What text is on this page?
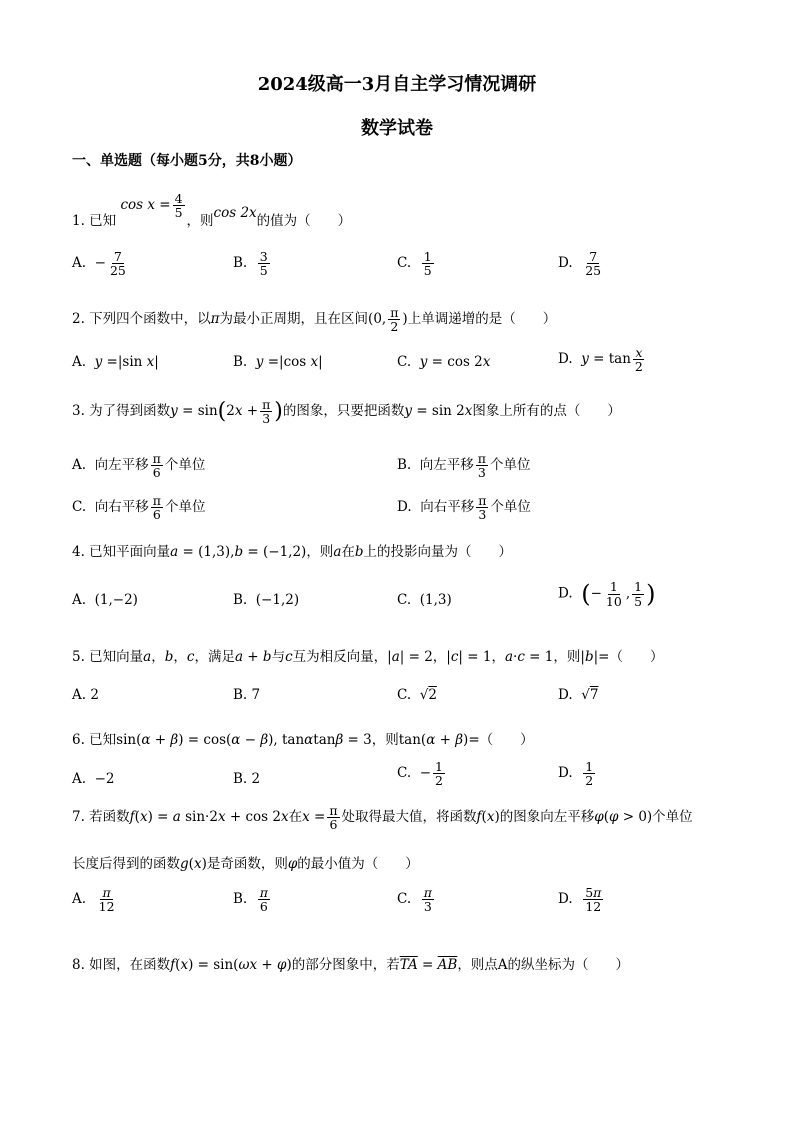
2024级高一3月自主学习情况调研
数学试卷
一、单选题（每小题5分，共8小题）
1. 已知 $\cos x = \frac{4}{5}$
，则cos 2x的值为（　　）
A.  − $\frac{7}{25}$	B. $\frac{3}{5}$	C. $\frac{1}{5}$	D. $\frac{7}{25}$
2. 下列四个函数中，以π为最小正周期，且在区间(0, $\frac{\pi}{2}$ )上单调递增的是（　　）
A.  y =|sin x|	B.  y =|cos x|	C.  y = cos 2x	D.  $y = \tan \frac{x}{2}$
3. 为了得到函数$y = \sin(2x + \frac{\pi}{3}$ )的图象，只要把函数y = sin 2x图象上所有的点（　　）
A.  向左平移 $\frac{\pi}{6}$ 个单位	B.  向左平移 $\frac{\pi}{3}$ 个单位
C.  向右平移 $\frac{\pi}{6}$ 个单位	D.  向右平移 $\frac{\pi}{3}$ 个单位
4. 已知平面向量a = (1,3),b = (−1,2)，则a在b上的投影向量为（　　）
A.  (1,−2)	B.  (−1,2)	C.  (1,3)	D.  (− $\frac{1}{10}$ , $\frac{1}{5}$ )
5. 已知向量a，b，c，满足a + b与c互为相反向量，|a| = 2，|c| = 1，a·c = 1，则|b|=（　　）
A. 2	B. 7	C.  √2	D.  √7
6. 已知sin(α + β) = cos(α − β), tanαtanβ = 3，则tan(α + β)=（　　）
A.  −2	B. 2	C.  − $\frac{1}{2}$	D. $\frac{1}{2}$
7. 若函数f(x) = a sin·2x + cos 2x在$x = \frac{\pi}{6}$ 处取得最大值，将函数f(x)的图象向左平移φ(φ > 0)个单位
长度后得到的函数g(x)是奇函数，则φ的最小值为（　　）
A. $\frac{\pi}{12}$	B. $\frac{\pi}{6}$	C. $\frac{\pi}{3}$	D. $\frac{5\pi}{12}$
8. 如图，在函数f(x) = sin(ωx + φ)的部分图象中，若$\overline{TA} = \overline{AB}$，则点A的纵坐标为（　　）
